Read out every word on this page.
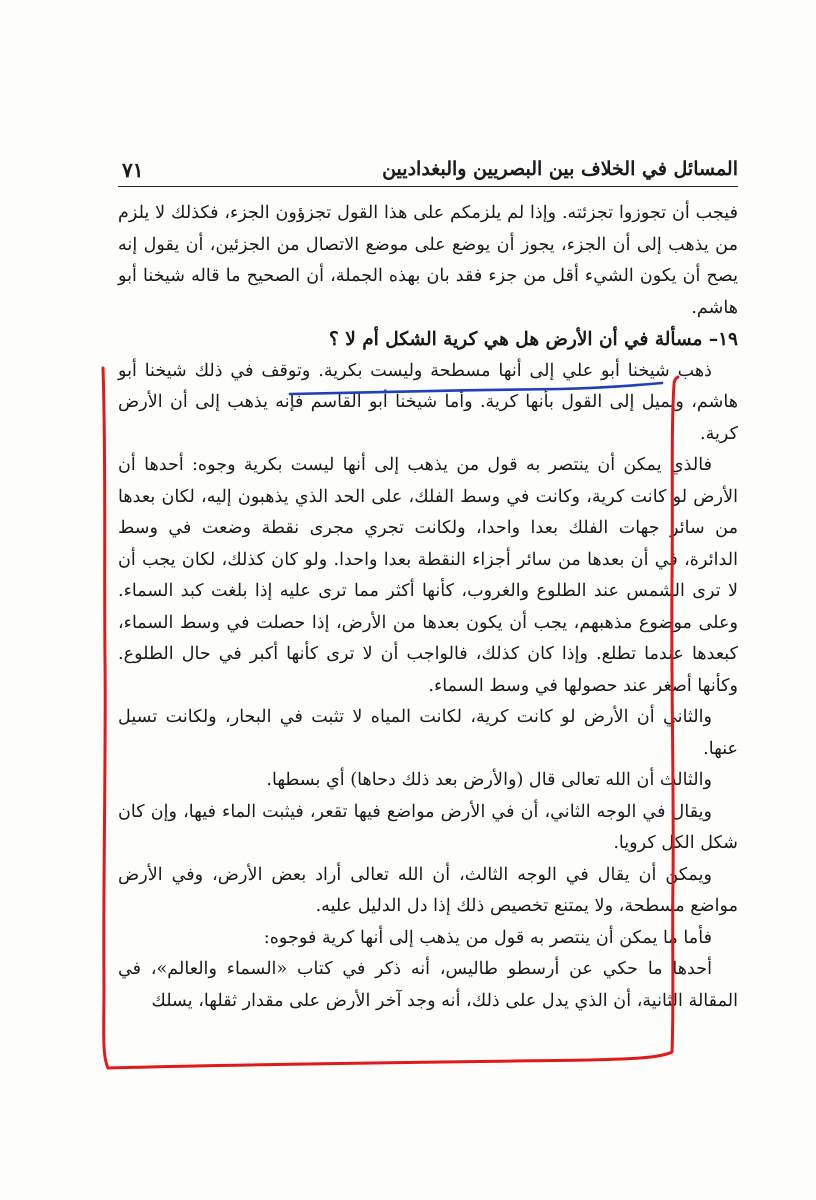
المسائل في الخلاف بين البصريين والبغداديين
٧١

فيجب أن تجوزوا تجزئته. وإذا لم يلزمكم على هذا القول تجزؤون الجزء، فكذلك لا يلزم من يذهب إلى أن الجزء، يجوز أن يوضع على موضع الاتصال من الجزئين، أن يقول إنه يصح أن يكون الشيء أقل من جزء فقد بان بهذه الجملة، أن الصحيح ما قاله شيخنا أبو هاشم.

١٩– مسألة في أن الأرض هل هي كرية الشكل أم لا ؟

ذهب شيخنا أبو علي إلى أنها مسطحة وليست بكرية. وتوقف في ذلك شيخنا أبو هاشم، ويميل إلى القول بأنها كرية. وأما شيخنا أبو القاسم فإنه يذهب إلى أن الأرض كرية.

فالذي يمكن أن ينتصر به قول من يذهب إلى أنها ليست بكرية وجوه: أحدها أن الأرض لو كانت كرية، وكانت في وسط الفلك، على الحد الذي يذهبون إليه، لكان بعدها من سائر جهات الفلك بعدا واحدا، ولكانت تجري مجرى نقطة وضعت في وسط الدائرة، في أن بعدها من سائر أجزاء النقطة بعدا واحدا. ولو كان كذلك، لكان يجب أن لا ترى الشمس عند الطلوع والغروب، كأنها أكثر مما ترى عليه إذا بلغت كبد السماء. وعلى موضوع مذهبهم، يجب أن يكون بعدها من الأرض، إذا حصلت في وسط السماء، كبعدها عندما تطلع. وإذا كان كذلك، فالواجب أن لا ترى كأنها أكبر في حال الطلوع. وكأنها أصغر عند حصولها في وسط السماء.

والثاني أن الأرض لو كانت كرية، لكانت المياه لا تثبت في البحار، ولكانت تسيل عنها.

والثالث أن الله تعالى قال (والأرض بعد ذلك دحاها) أي بسطها.

ويقال في الوجه الثاني، أن في الأرض مواضع فيها تقعر، فيثبت الماء فيها، وإن كان شكل الكل كرويا.

ويمكن أن يقال في الوجه الثالث، أن الله تعالى أراد بعض الأرض، وفي الأرض مواضع مسطحة، ولا يمتنع تخصيص ذلك إذا دل الدليل عليه.

فأما ما يمكن أن ينتصر به قول من يذهب إلى أنها كرية فوجوه:

أحدها ما حكي عن أرسطو طاليس، أنه ذكر في كتاب «السماء والعالم»، في المقالة الثانية، أن الذي يدل على ذلك، أنه وجد آخر الأرض على مقدار ثقلها، يسلك
